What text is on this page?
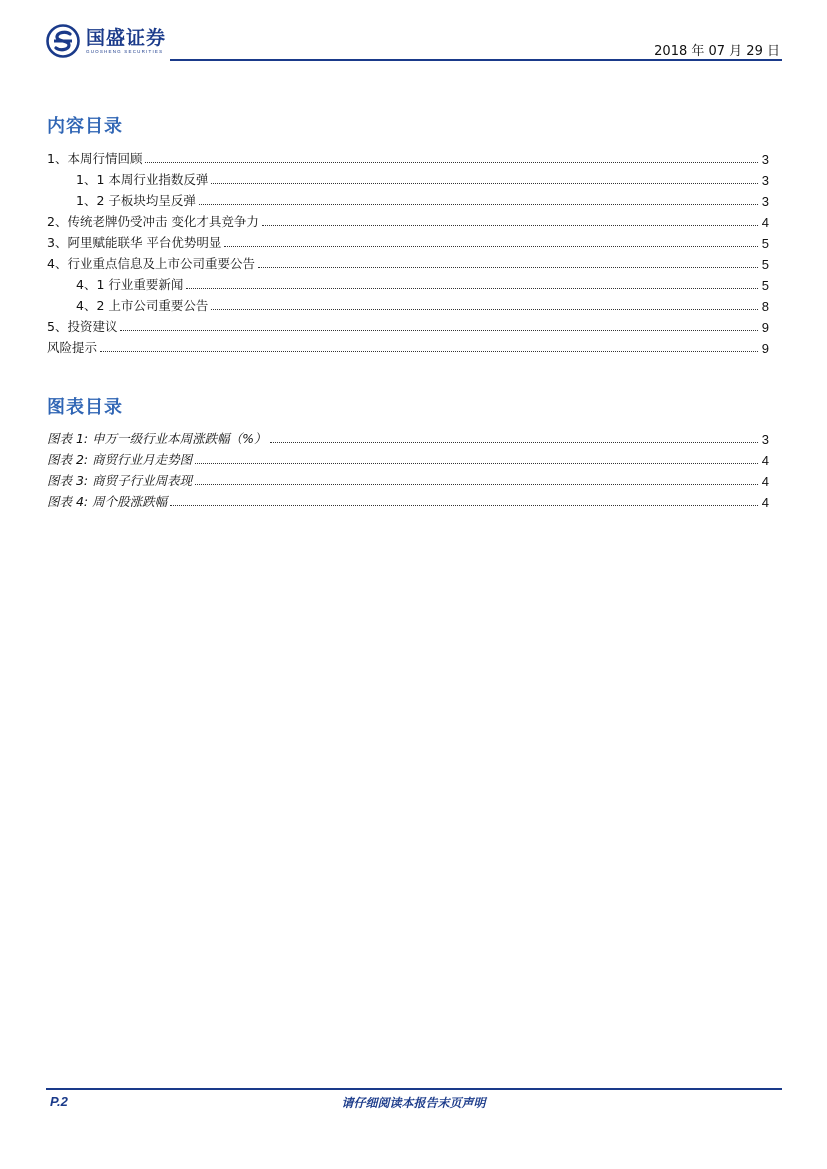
国盛证券
GUOSHENG SECURITIES	2018 年 07 月 29 日
内容目录
1、本周行情回顾	3
1、1 本周行业指数反弹	3
1、2 子板块均呈反弹	3
2、传统老牌仍受冲击 变化才具竞争力	4
3、阿里赋能联华 平台优势明显	5
4、行业重点信息及上市公司重要公告	5
4、1 行业重要新闻	5
4、2 上市公司重要公告	8
5、投资建议	9
风险提示	9
图表目录
图表 1: 申万一级行业本周涨跌幅（%）	3
图表 2: 商贸行业月走势图	4
图表 3: 商贸子行业周表现	4
图表 4: 周个股涨跌幅	4
P.2	请仔细阅读本报告末页声明
